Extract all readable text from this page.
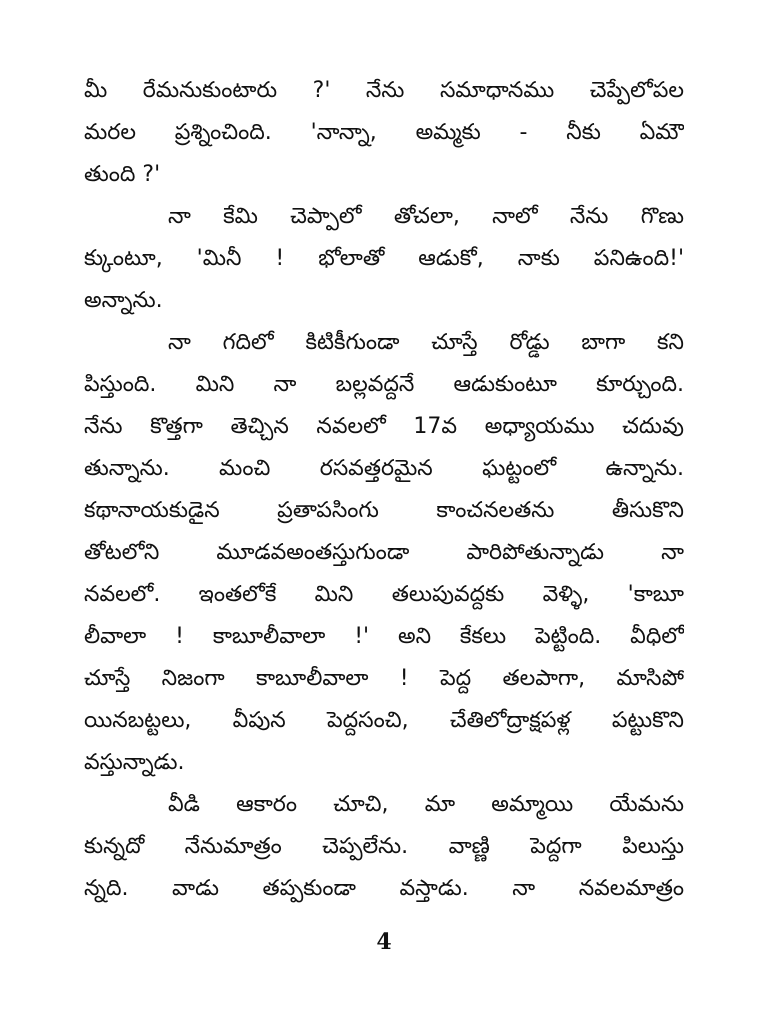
మీ రేమనుకుంటారు ?' నేను సమాధానము చెప్పేలోపల
మరల ప్రశ్నించింది. 'నాన్నా, అమ్మకు - నీకు ఏమౌ
తుంది ?'
నా కేమి చెప్పాలో తోచలా, నాలో నేను గొణు
క్కుంటూ, 'మినీ ! భోలాతో ఆడుకో, నాకు పనిఉంది!'
అన్నాను.
నా గదిలో కిటికీగుండా చూస్తే రోడ్డు బాగా కని
పిస్తుంది. మిని నా బల్లవద్దనే ఆడుకుంటూ కూర్చుంది.
నేను కొత్తగా తెచ్చిన నవలలో 17వ అధ్యాయము చదువు
తున్నాను. మంచి రసవత్తరమైన ఘట్టంలో ఉన్నాను.
కథానాయకుడైన ప్రతాపసింగు కాంచనలతను తీసుకొని
తోటలోని మూడవఅంతస్తుగుండా పారిపోతున్నాడు నా
నవలలో. ఇంతలోకే మిని తలుపువద్దకు వెళ్ళి, 'కాబూ
లీవాలా ! కాబూలీవాలా !' అని కేకలు పెట్టింది. వీధిలో
చూస్తే నిజంగా కాబూలీవాలా ! పెద్ద తలపాగా, మాసిపో
యినబట్టలు, వీపున పెద్దసంచి, చేతిలోద్రాక్షపళ్ల పట్టుకొని
వస్తున్నాడు.
వీడి ఆకారం చూచి, మా అమ్మాయి యేమను
కున్నదో నేనుమాత్రం చెప్పలేను. వాణ్ణి పెద్దగా పిలుస్తు
న్నది. వాడు తప్పకుండా వస్తాడు. నా నవలమాత్రం
4
